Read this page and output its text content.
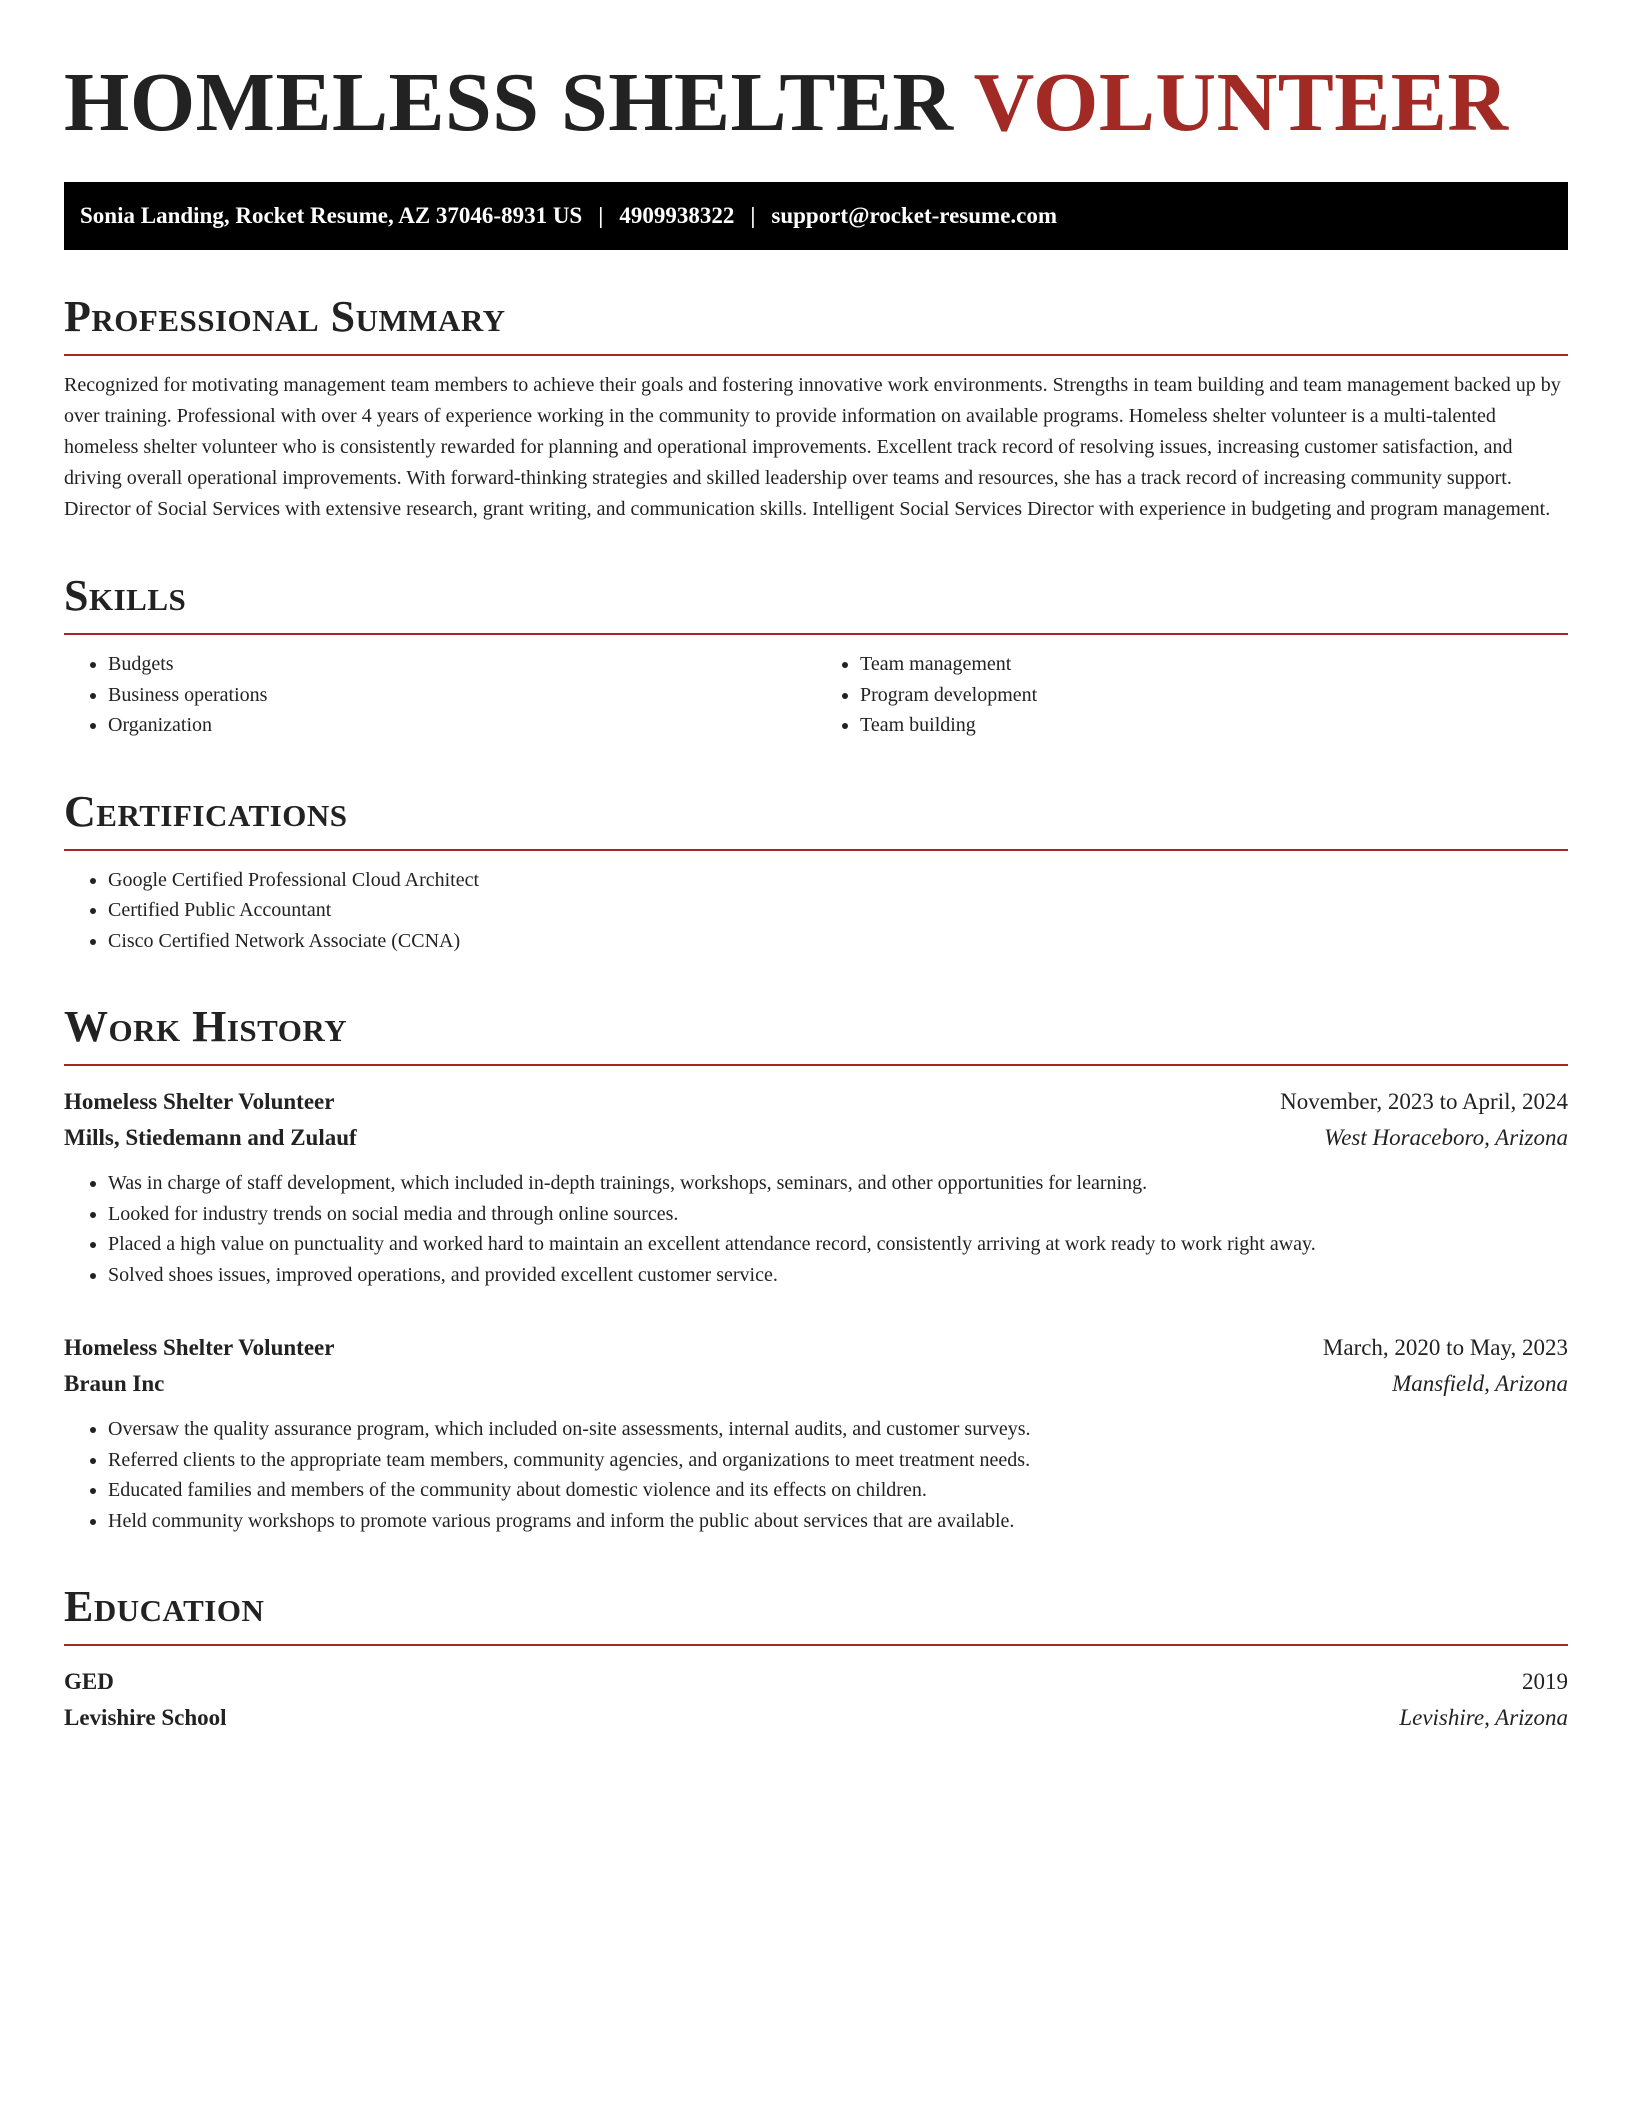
HOMELESS SHELTER VOLUNTEER
Sonia Landing, Rocket Resume, AZ 37046-8931 US | 4909938322 | support@rocket-resume.com
Professional Summary

Recognized for motivating management team members to achieve their goals and fostering innovative work environments. Strengths in team building and team management backed up by over training. Professional with over 4 years of experience working in the community to provide information on available programs. Homeless shelter volunteer is a multi-talented homeless shelter volunteer who is consistently rewarded for planning and operational improvements. Excellent track record of resolving issues, increasing customer satisfaction, and driving overall operational improvements. With forward-thinking strategies and skilled leadership over teams and resources, she has a track record of increasing community support. Director of Social Services with extensive research, grant writing, and communication skills. Intelligent Social Services Director with experience in budgeting and program management.

Skills
• Budgets
• Business operations
• Organization
• Team management
• Program development
• Team building
Certifications
• Google Certified Professional Cloud Architect
• Certified Public Accountant
• Cisco Certified Network Associate (CCNA)
Work History
Homeless Shelter Volunteer	November, 2023 to April, 2024
Mills, Stiedemann and Zulauf	West Horaceboro, Arizona
• Was in charge of staff development, which included in-depth trainings, workshops, seminars, and other opportunities for learning.
• Looked for industry trends on social media and through online sources.
• Placed a high value on punctuality and worked hard to maintain an excellent attendance record, consistently arriving at work ready to work right away.
• Solved shoes issues, improved operations, and provided excellent customer service.
Homeless Shelter Volunteer	March, 2020 to May, 2023
Braun Inc	Mansfield, Arizona
• Oversaw the quality assurance program, which included on-site assessments, internal audits, and customer surveys.
• Referred clients to the appropriate team members, community agencies, and organizations to meet treatment needs.
• Educated families and members of the community about domestic violence and its effects on children.
• Held community workshops to promote various programs and inform the public about services that are available.
Education
GED	2019
Levishire School	Levishire, Arizona
